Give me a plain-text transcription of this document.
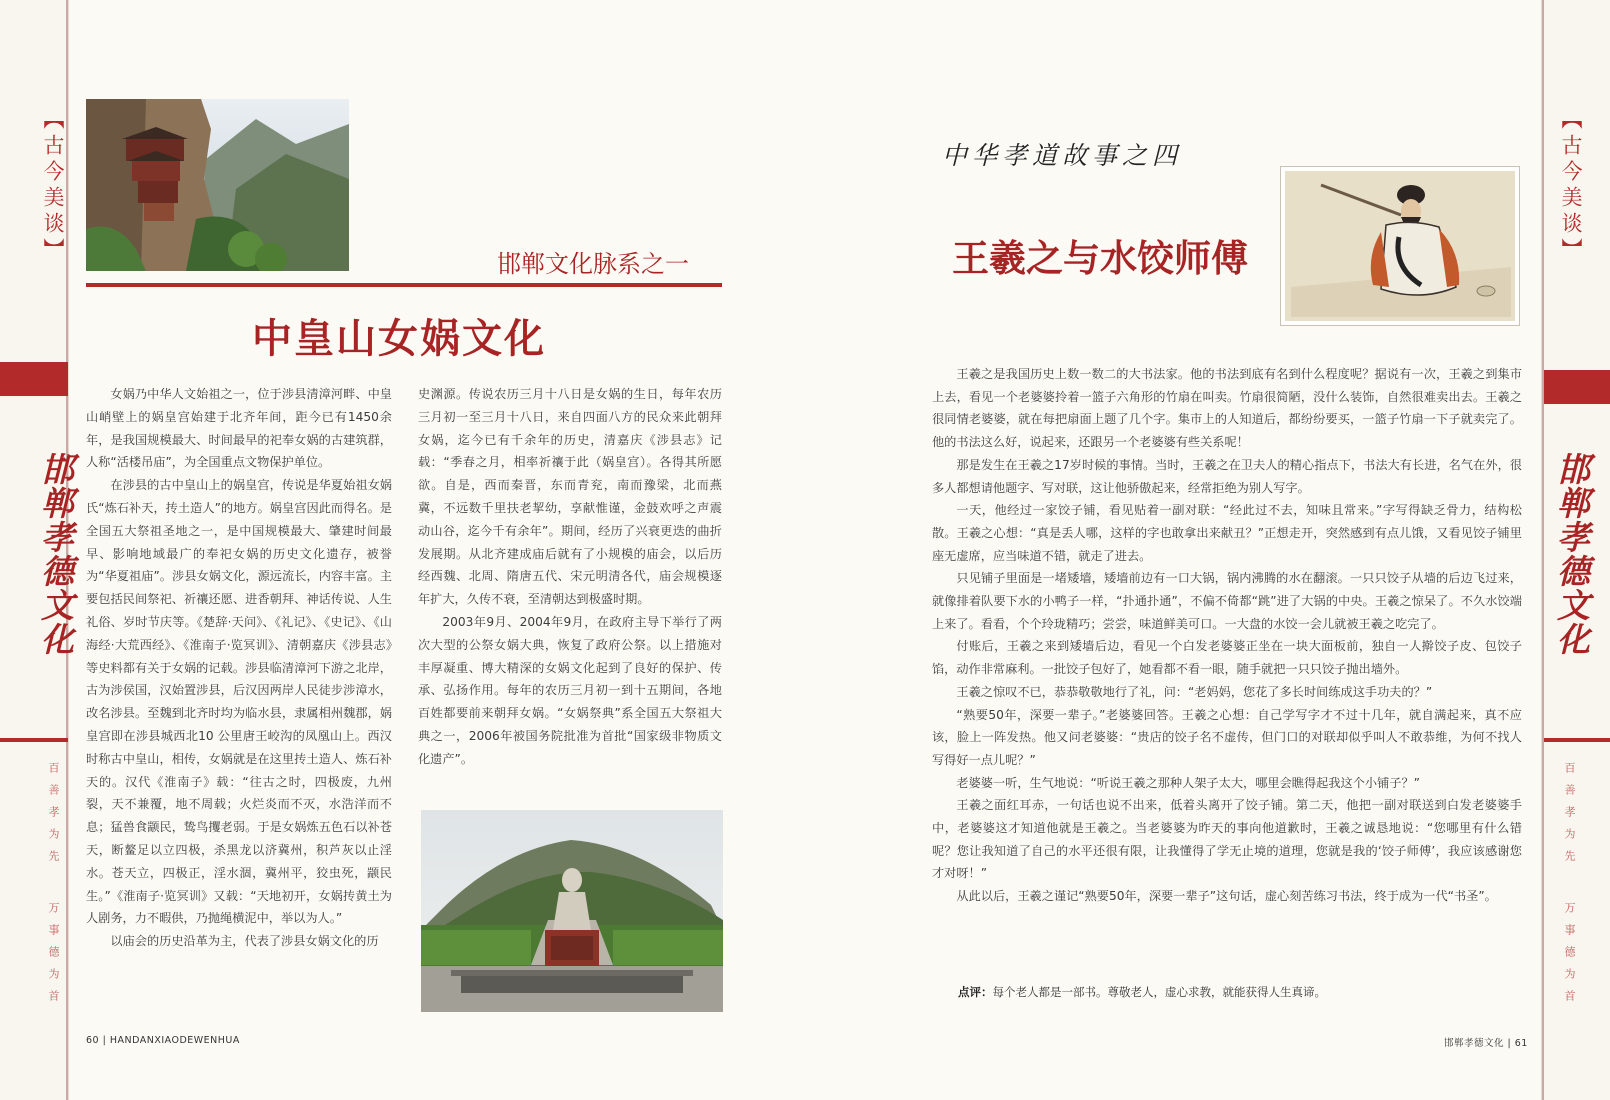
【古今美谈】
邯郸孝德文化
百善孝为先
万事德为首
【古今美谈】
邯郸孝德文化
百善孝为先
万事德为首
邯郸文化脉系之一
中皇山女娲文化

女娲乃中华人文始祖之一，位于涉县清漳河畔、中皇山峭壁上的娲皇宫始建于北齐年间，距今已有1450余年，是我国规模最大、时间最早的祀奉女娲的古建筑群，人称“活楼吊庙”，为全国重点文物保护单位。

在涉县的古中皇山上的娲皇宫，传说是华夏始祖女娲氏“炼石补天，抟土造人”的地方。娲皇宫因此而得名。是全国五大祭祖圣地之一，是中国规模最大、肇建时间最早、影响地域最广的奉祀女娲的历史文化遗存，被誉为“华夏祖庙”。涉县女娲文化，源远流长，内容丰富。主要包括民间祭祀、祈禳还愿、进香朝拜、神话传说、人生礼俗、岁时节庆等。《楚辞·天问》、《礼记》、《史记》、《山海经·大荒西经》、《淮南子·览冥训》、清朝嘉庆《涉县志》等史料都有关于女娲的记载。涉县临清漳河下游之北岸，古为涉侯国，汉始置涉县，后汉因两岸人民徒步涉漳水，改名涉县。至魏到北齐时均为临水县，隶属相州魏郡，娲皇宫即在涉县城西北10 公里唐王峧沟的凤凰山上。西汉时称古中皇山，相传，女娲就是在这里抟土造人、炼石补天的。汉代《淮南子》载：“往古之时，四极废，九州裂，天不兼覆，地不周载；火烂炎而不灭，水浩洋而不息；猛兽食颛民，鸷鸟攫老弱。于是女娲炼五色石以补苍天，断鳌足以立四极，杀黑龙以济冀州，积芦灰以止淫水。苍天立，四极正，淫水涸，冀州平，狡虫死，颛民生。”《淮南子·览冥训》又载：“天地初开，女娲抟黄土为人剧务，力不暇供，乃抛绳横泥中，举以为人。”

以庙会的历史沿革为主，代表了涉县女娲文化的历

史渊源。传说农历三月十八日是女娲的生日，每年农历三月初一至三月十八日，来自四面八方的民众来此朝拜女娲，迄今已有千余年的历史，清嘉庆《涉县志》记载：“季春之月，相率祈禳于此（娲皇宫）。各得其所愿欲。自是，西而秦晋，东而青兖，南而豫梁，北而燕冀，不远数千里扶老挈幼，享献惟谨，金鼓欢呼之声震动山谷，迄今千有余年”。期间，经历了兴衰更迭的曲折发展期。从北齐建成庙后就有了小规模的庙会，以后历经西魏、北周、隋唐五代、宋元明清各代，庙会规模逐年扩大，久传不衰，至清朝达到极盛时期。

2003年9月、2004年9月，在政府主导下举行了两次大型的公祭女娲大典，恢复了政府公祭。以上措施对丰厚凝重、博大精深的女娲文化起到了良好的保护、传承、弘扬作用。每年的农历三月初一到十五期间，各地百姓都要前来朝拜女娲。“女娲祭典”系全国五大祭祖大典之一，2006年被国务院批准为首批“国家级非物质文化遗产”。

60 | HANDANXIAODEWENHUA
中华孝道故事之四
王羲之与水饺师傅

王羲之是我国历史上数一数二的大书法家。他的书法到底有名到什么程度呢？据说有一次，王羲之到集市上去，看见一个老婆婆拎着一篮子六角形的竹扇在叫卖。竹扇很简陋，没什么装饰，自然很难卖出去。王羲之很同情老婆婆，就在每把扇面上题了几个字。集市上的人知道后，都纷纷要买，一篮子竹扇一下子就卖完了。他的书法这么好，说起来，还跟另一个老婆婆有些关系呢！

那是发生在王羲之17岁时候的事情。当时，王羲之在卫夫人的精心指点下，书法大有长进，名气在外，很多人都想请他题字、写对联，这让他骄傲起来，经常拒绝为别人写字。

一天，他经过一家饺子铺，看见贴着一副对联：“经此过不去，知味且常来。”字写得缺乏骨力，结构松散。王羲之心想：“真是丢人哪，这样的字也敢拿出来献丑？”正想走开，突然感到有点儿饿，又看见饺子铺里座无虚席，应当味道不错，就走了进去。

只见铺子里面是一堵矮墙，矮墙前边有一口大锅，锅内沸腾的水在翻滚。一只只饺子从墙的后边飞过来，就像排着队要下水的小鸭子一样，“扑通扑通”，不偏不倚都“跳”进了大锅的中央。王羲之惊呆了。不久水饺端上来了。看看，个个玲珑精巧；尝尝，味道鲜美可口。一大盘的水饺一会儿就被王羲之吃完了。

付账后，王羲之来到矮墙后边，看见一个白发老婆婆正坐在一块大面板前，独自一人擀饺子皮、包饺子馅，动作非常麻利。一批饺子包好了，她看都不看一眼，随手就把一只只饺子抛出墙外。

王羲之惊叹不已，恭恭敬敬地行了礼，问：“老妈妈，您花了多长时间练成这手功夫的？”

“熟要50年，深要一辈子。”老婆婆回答。王羲之心想：自己学写字才不过十几年，就自满起来，真不应该，脸上一阵发热。他又问老婆婆：“贵店的饺子名不虚传，但门口的对联却似乎叫人不敢恭维，为何不找人写得好一点儿呢？”

老婆婆一听，生气地说：“听说王羲之那种人架子太大，哪里会瞧得起我这个小铺子？”

王羲之面红耳赤，一句话也说不出来，低着头离开了饺子铺。第二天，他把一副对联送到白发老婆婆手中，老婆婆这才知道他就是王羲之。当老婆婆为昨天的事向他道歉时，王羲之诚恳地说：“您哪里有什么错呢？您让我知道了自己的水平还很有限，让我懂得了学无止境的道理，您就是我的‘饺子师傅’，我应该感谢您才对呀！”

从此以后，王羲之谨记“熟要50年，深要一辈子”这句话，虚心刻苦练习书法，终于成为一代“书圣”。

点评：每个老人都是一部书。尊敬老人，虚心求教，就能获得人生真谛。
邯郸孝德文化 | 61
